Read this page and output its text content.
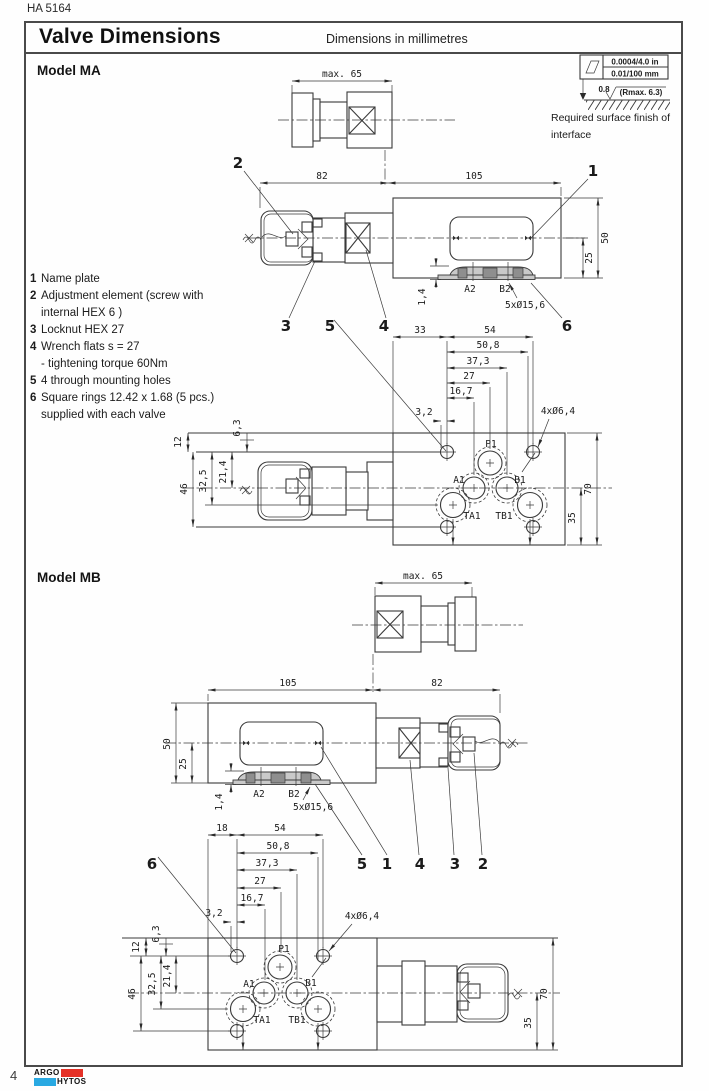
HA 5164
Valve Dimensions	Dimensions in millimetres
Model MA
Model MB
1 Name plate
2 Adjustment element (screw with
internal HEX 6 )
3 Locknut HEX 27
4 Wrench flats s = 27
- tightening torque 60Nm
5 4 through mounting holes
6 Square rings 12.42 x 1.68 (5 pcs.)
supplied with each valve
0.0004/4.0 in
0.01/100 mm
0.8 (Rmax. 6.3)
Required surface finish of
interface
max. 65
82	105
50
25
A2 B2
1,4	5xØ15,6
2	1
3 5	4	6
P1
A1	B1
TA1 TB1
33	54
50,8
37,3
27
16,7
3,2	4xØ6,4
70
35
12
6,3
21,4
32,5
46
max. 65
105	82
50
25
A2 B2
1,4	5xØ15,6
6	5 1 4 3 2
P1
A1	B1
TA1 TB1
18	54
50,8
37,3
27
16,7
3,2	4xØ6,4
12
6,3
21,4
32,5
46	70
35
4 ARGO
HYTOS
